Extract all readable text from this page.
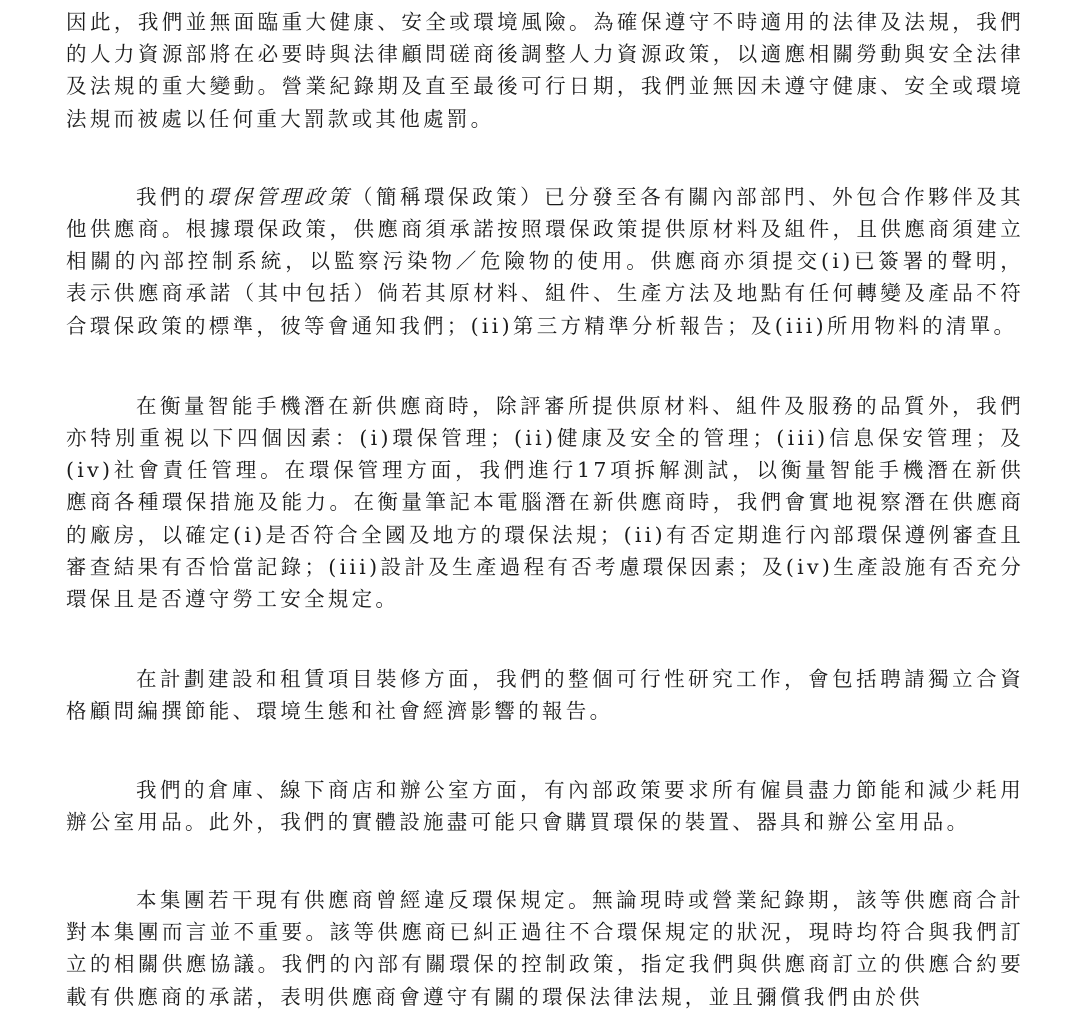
因此，我們並無面臨重大健康、安全或環境風險。為確保遵守不時適用的法律及法規，我們的人力資源部將在必要時與法律顧問磋商後調整人力資源政策，以適應相關勞動與安全法律及法規的重大變動。營業紀錄期及直至最後可行日期，我們並無因未遵守健康、安全或環境法規而被處以任何重大罰款或其他處罰。

我們的環保管理政策（簡稱環保政策）已分發至各有關內部部門、外包合作夥伴及其他供應商。根據環保政策，供應商須承諾按照環保政策提供原材料及組件，且供應商須建立相關的內部控制系統，以監察污染物／危險物的使用。供應商亦須提交(i)已簽署的聲明，表示供應商承諾（其中包括）倘若其原材料、組件、生產方法及地點有任何轉變及產品不符合環保政策的標準，彼等會通知我們；(ii)第三方精準分析報告；及(iii)所用物料的清單。

在衡量智能手機潛在新供應商時，除評審所提供原材料、組件及服務的品質外，我們亦特別重視以下四個因素：(i)環保管理；(ii)健康及安全的管理；(iii)信息保安管理；及(iv)社會責任管理。在環保管理方面，我們進行17項拆解測試，以衡量智能手機潛在新供應商各種環保措施及能力。在衡量筆記本電腦潛在新供應商時，我們會實地視察潛在供應商的廠房，以確定(i)是否符合全國及地方的環保法規；(ii)有否定期進行內部環保遵例審查且審查結果有否恰當記錄；(iii)設計及生產過程有否考慮環保因素；及(iv)生產設施有否充分環保且是否遵守勞工安全規定。

在計劃建設和租賃項目裝修方面，我們的整個可行性研究工作，會包括聘請獨立合資格顧問編撰節能、環境生態和社會經濟影響的報告。

我們的倉庫、線下商店和辦公室方面，有內部政策要求所有僱員盡力節能和減少耗用辦公室用品。此外，我們的實體設施盡可能只會購買環保的裝置、器具和辦公室用品。

本集團若干現有供應商曾經違反環保規定。無論現時或營業紀錄期，該等供應商合計對本集團而言並不重要。該等供應商已糾正過往不合環保規定的狀況，現時均符合與我們訂立的相關供應協議。我們的內部有關環保的控制政策，指定我們與供應商訂立的供應合約要載有供應商的承諾，表明供應商會遵守有關的環保法律法規，並且彌償我們由於供
